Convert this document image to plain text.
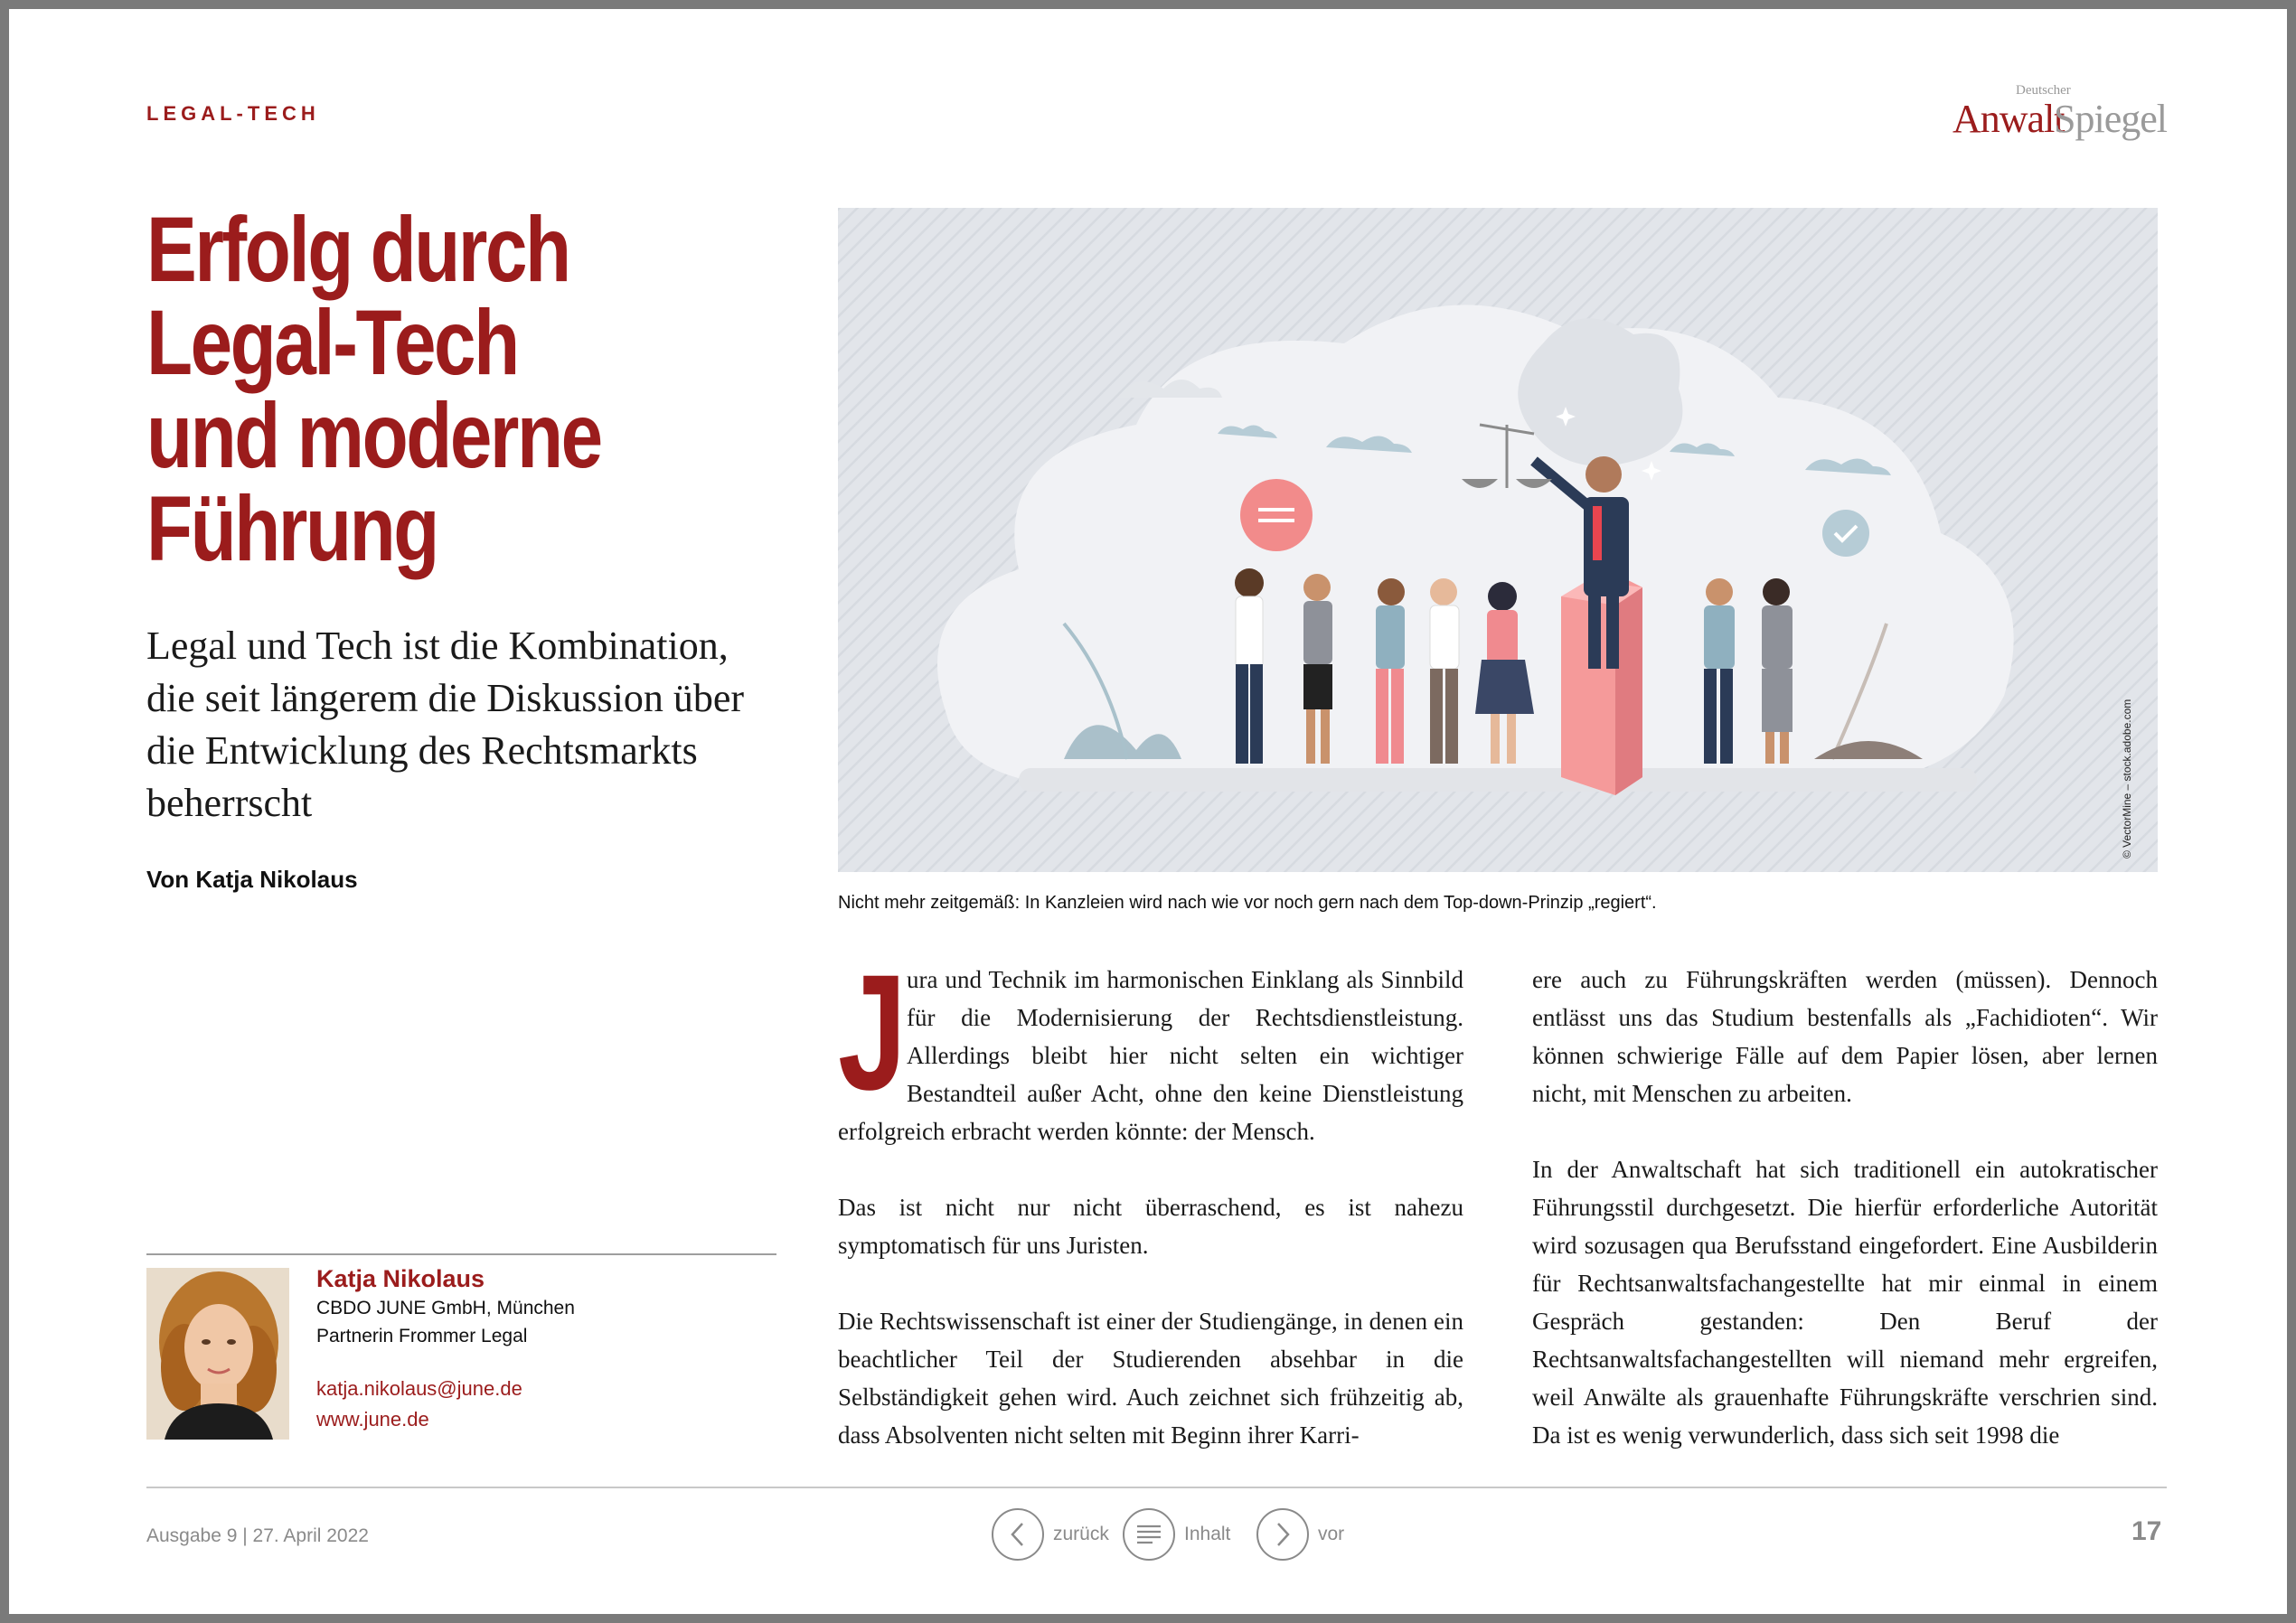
LEGAL-TECH
Deutscher
Anwalt
Spiegel
Erfolg durch
Legal-Tech
und moderne
Führung
Legal und Tech ist die Kombination, die seit längerem die Diskussion über die Entwicklung des Rechtsmarkts beherrscht
Von Katja Nikolaus
Katja Nikolaus
CBDO JUNE GmbH, München
Partnerin Frommer Legal
katja.nikolaus@june.de
www.june.de
© VectorMine – stock.adobe.com
Nicht mehr zeitgemäß: In Kanzleien wird nach wie vor noch gern nach dem Top-down-Prinzip „regiert“.

Jura und Technik im harmonischen Einklang als Sinnbild für die Modernisierung der Rechtsdienstleistung. Allerdings bleibt hier nicht selten ein wichtiger Bestandteil außer Acht, ohne den keine Dienstleistung erfolgreich erbracht werden könnte: der Mensch.

Das ist nicht nur nicht überraschend, es ist nahezu symptomatisch für uns Juristen.

Die Rechtswissenschaft ist einer der Studiengänge, in denen ein beachtlicher Teil der Studierenden absehbar in die Selbständigkeit gehen wird. Auch zeichnet sich frühzeitig ab, dass Absolventen nicht selten mit Beginn ihrer Karri-

ere auch zu Führungskräften werden (müssen). Dennoch entlässt uns das Studium bestenfalls als „Fachidioten“. Wir können schwierige Fälle auf dem Papier lösen, aber lernen nicht, mit Menschen zu arbeiten.

In der Anwaltschaft hat sich traditionell ein autokratischer Führungsstil durchgesetzt. Die hierfür erforderliche Autorität wird sozusagen qua Berufsstand eingefordert. Eine Ausbilderin für Rechtsanwaltsfachangestellte hat mir einmal in einem Gespräch gestanden: Den Beruf der Rechtsanwaltsfachangestellten will niemand mehr ergreifen, weil Anwälte als grauenhafte Führungskräfte verschrien sind. Da ist es wenig verwunderlich, dass sich seit 1998 die

Ausgabe 9 | 27. April 2022	zurück	Inhalt	vor	17
